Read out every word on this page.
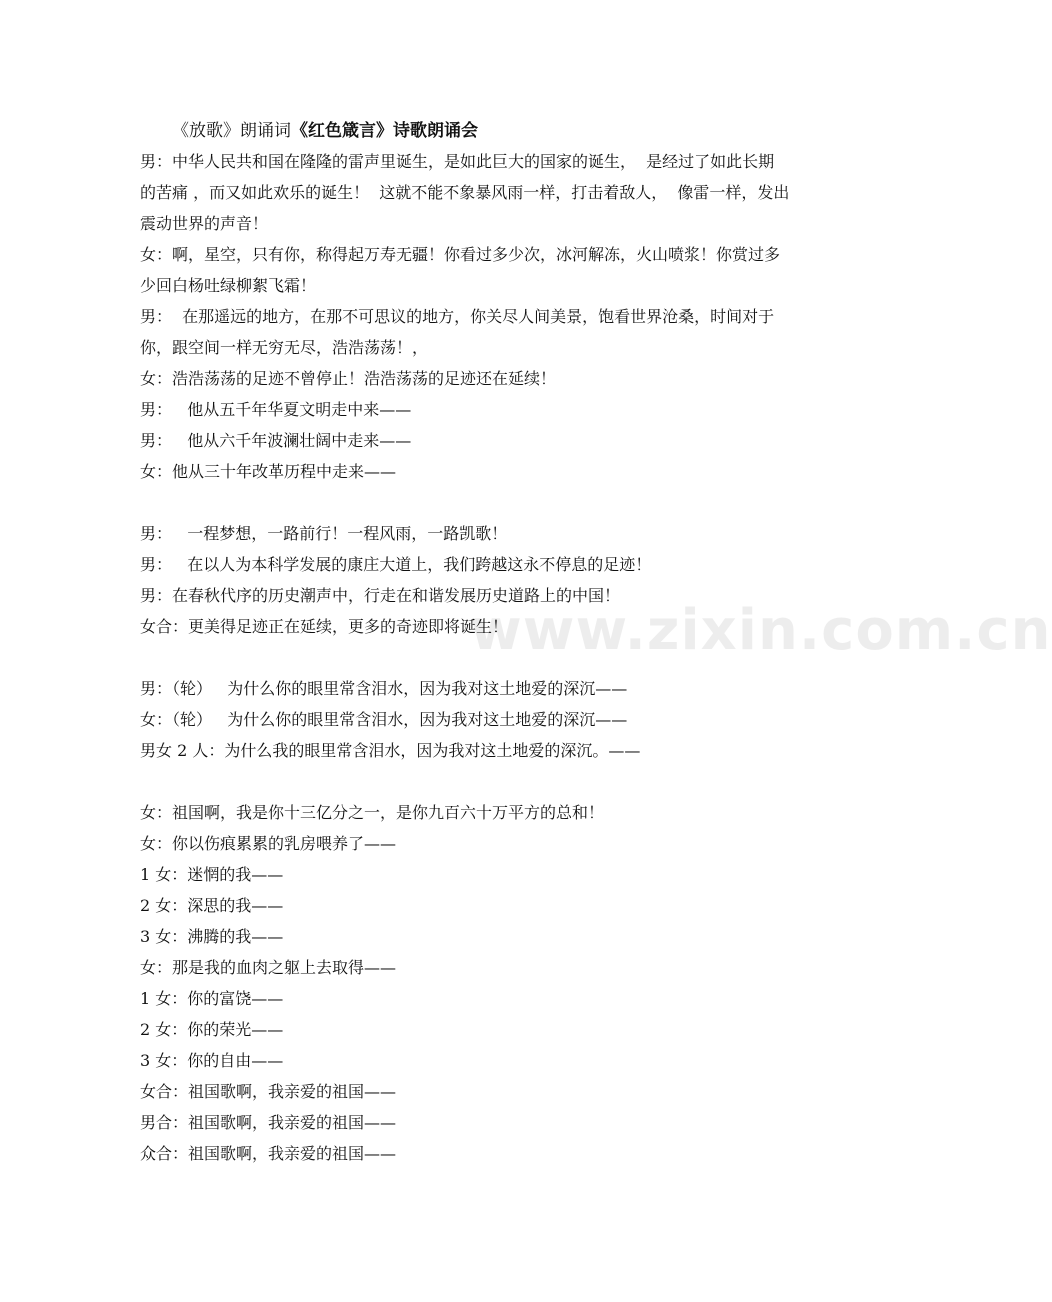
《放歌》朗诵词《红色箴言》诗歌朗诵会
男：中华人民共和国在隆隆的雷声里诞生，是如此巨大的国家的诞生，  是经过了如此长期的苦痛 ，而又如此欢乐的诞生！  这就不能不象暴风雨一样，打击着敌人，  像雷一样，发出震动世界的声音！
女：啊，星空，只有你，称得起万寿无疆！你看过多少次，冰河解冻，火山喷浆！你赏过多少回白杨吐绿柳絮飞霜！
男：  在那遥远的地方，在那不可思议的地方，你关尽人间美景，饱看世界沧桑，时间对于你，跟空间一样无穷无尽，浩浩荡荡！，
女：浩浩荡荡的足迹不曾停止！浩浩荡荡的足迹还在延续！
男：   他从五千年华夏文明走中来——
男：   他从六千年波澜壮阔中走来——
女：他从三十年改革历程中走来——
男：   一程梦想，一路前行！一程风雨，一路凯歌！
男：   在以人为本科学发展的康庄大道上，我们跨越这永不停息的足迹！
男：在春秋代序的历史潮声中，行走在和谐发展历史道路上的中国！
女合：更美得足迹正在延续，更多的奇迹即将诞生！
男：（轮）   为什么你的眼里常含泪水，因为我对这土地爱的深沉——
女：（轮）   为什么你的眼里常含泪水，因为我对这土地爱的深沉——
男女 2 人：为什么我的眼里常含泪水，因为我对这土地爱的深沉。——
女：祖国啊，我是你十三亿分之一，是你九百六十万平方的总和！
女：你以伤痕累累的乳房喂养了——
1 女：迷惘的我——
2 女：深思的我——
3 女：沸腾的我——
女：那是我的血肉之躯上去取得——
1 女：你的富饶——
2 女：你的荣光——
3 女：你的自由——
女合：祖国歌啊，我亲爱的祖国——
男合：祖国歌啊，我亲爱的祖国——
众合：祖国歌啊，我亲爱的祖国——
www.zixin.com.cn
